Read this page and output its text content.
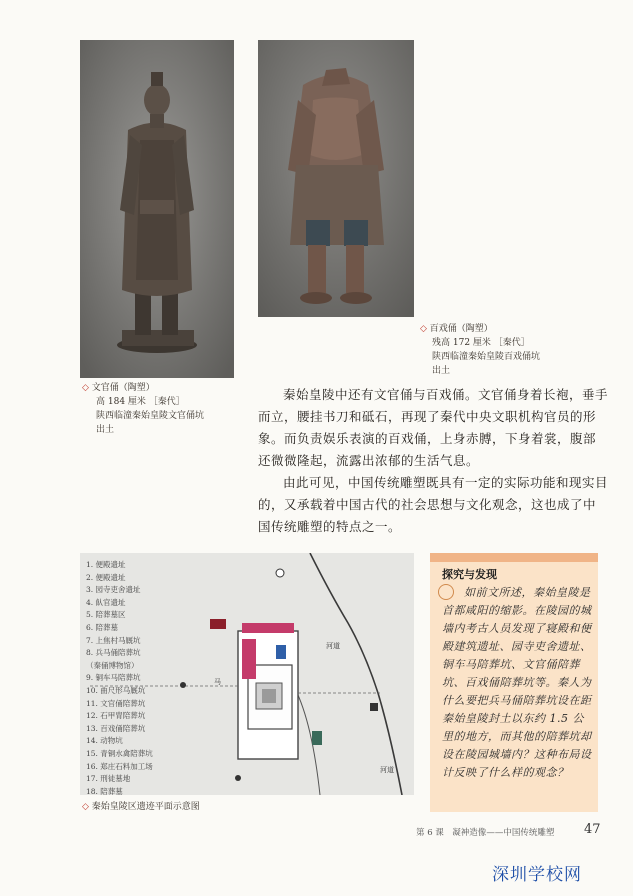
◇ 文官俑（陶塑）
高 184 厘米 ［秦代］
陕西临潼秦始皇陵文官俑坑
出土
◇ 百戏俑（陶塑）
残高 172 厘米 ［秦代］
陕西临潼秦始皇陵百戏俑坑
出土

秦始皇陵中还有文官俑与百戏俑。文官俑身着长袍，垂手而立，腰挂书刀和砥石，再现了秦代中央文职机构官员的形象。而负责娱乐表演的百戏俑，上身赤膊，下身着裳，腹部还微微隆起，流露出浓郁的生活气息。

由此可见，中国传统雕塑既具有一定的实际功能和现实目的，又承载着中国古代的社会思想与文化观念，这也成了中国传统雕塑的特点之一。

1. 便殿遗址
2. 便殿遗址
3. 园寺吏舍遗址
4. 飤官遗址
5. 陪葬墓区
6. 陪葬墓
7. 上焦村马厩坑
8. 兵马俑陪葬坑
（秦俑博物馆）
9. 铜车马陪葬坑
10. 曲尺形马厩坑
11. 文官俑陪葬坑
12. 石甲胄陪葬坑
13. 百戏俑陪葬坑
14. 动物坑
15. 青铜水禽陪葬坑
16. 郑庄石料加工场
17. 刑徒墓地
18. 陪葬墓
河道
河道
马
◇ 秦始皇陵区遗迹平面示意图
探究与发现
如前文所述，秦始皇陵是首都咸阳的缩影。在陵园的城墙内考古人员发现了寝殿和便殿建筑遗址、园寺吏舍遗址、铜车马陪葬坑、文官俑陪葬坑、百戏俑陪葬坑等。秦人为什么要把兵马俑陪葬坑设在距秦始皇陵封土以东约 1.5 公里的地方，而其他的陪葬坑却设在陵园城墙内？这种布局设计反映了什么样的观念？
第 6 课　凝神造像——中国传统雕塑 47
深圳学校网
